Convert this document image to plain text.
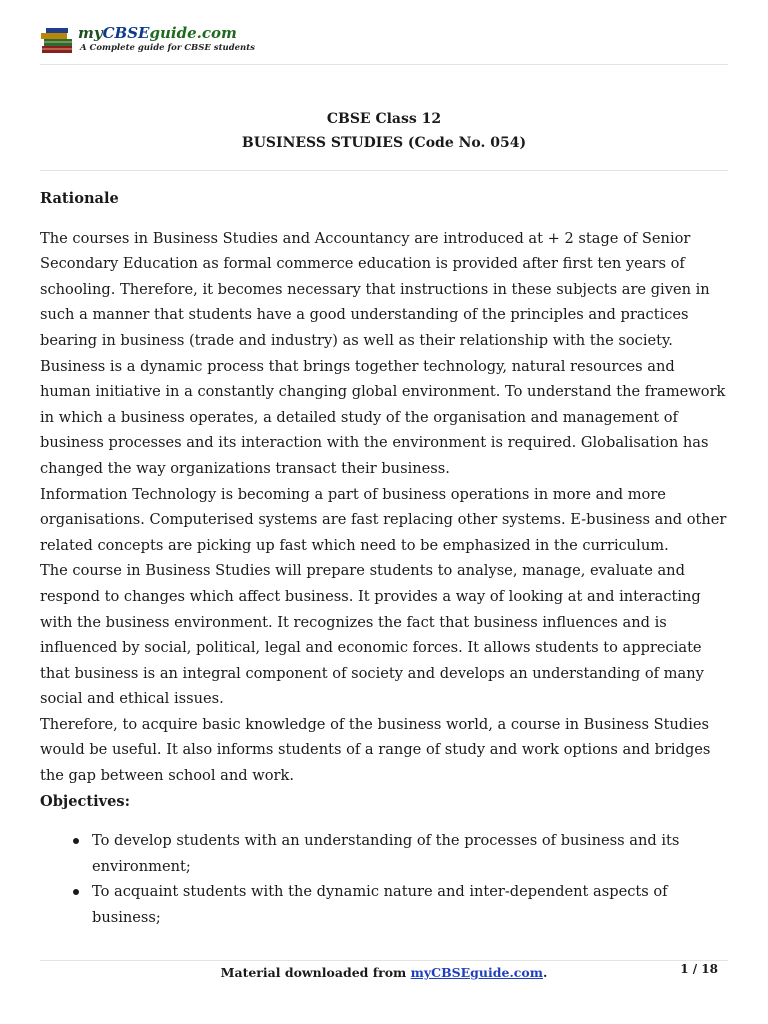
myCBSEguide.com
A Complete guide for CBSE students
CBSE Class 12
BUSINESS STUDIES (Code No. 054)

Rationale

The courses in Business Studies and Accountancy are introduced at + 2 stage of Senior Secondary Education as formal commerce education is provided after first ten years of schooling. Therefore, it becomes necessary that instructions in these subjects are given in such a manner that students have a good understanding of the principles and practices bearing in business (trade and industry) as well as their relationship with the society.

Business is a dynamic process that brings together technology, natural resources and human initiative in a constantly changing global environment. To understand the framework in which a business operates, a detailed study of the organisation and management of business processes and its interaction with the environment is required. Globalisation has changed the way organizations transact their business.

Information Technology is becoming a part of business operations in more and more organisations. Computerised systems are fast replacing other systems. E-business and other related concepts are picking up fast which need to be emphasized in the curriculum.

The course in Business Studies will prepare students to analyse, manage, evaluate and respond to changes which affect business. It provides a way of looking at and interacting with the business environment. It recognizes the fact that business influences and is influenced by social, political, legal and economic forces. It allows students to appreciate that business is an integral component of society and develops an understanding of many social and ethical issues.

Therefore, to acquire basic knowledge of the business world, a course in Business Studies would be useful. It also informs students of a range of study and work options and bridges the gap between school and work.

Objectives:

To develop students with an understanding of the processes of business and its environment;
To acquaint students with the dynamic nature and inter-dependent aspects of business;
Material downloaded from myCBSEguide.com.	1 / 18
